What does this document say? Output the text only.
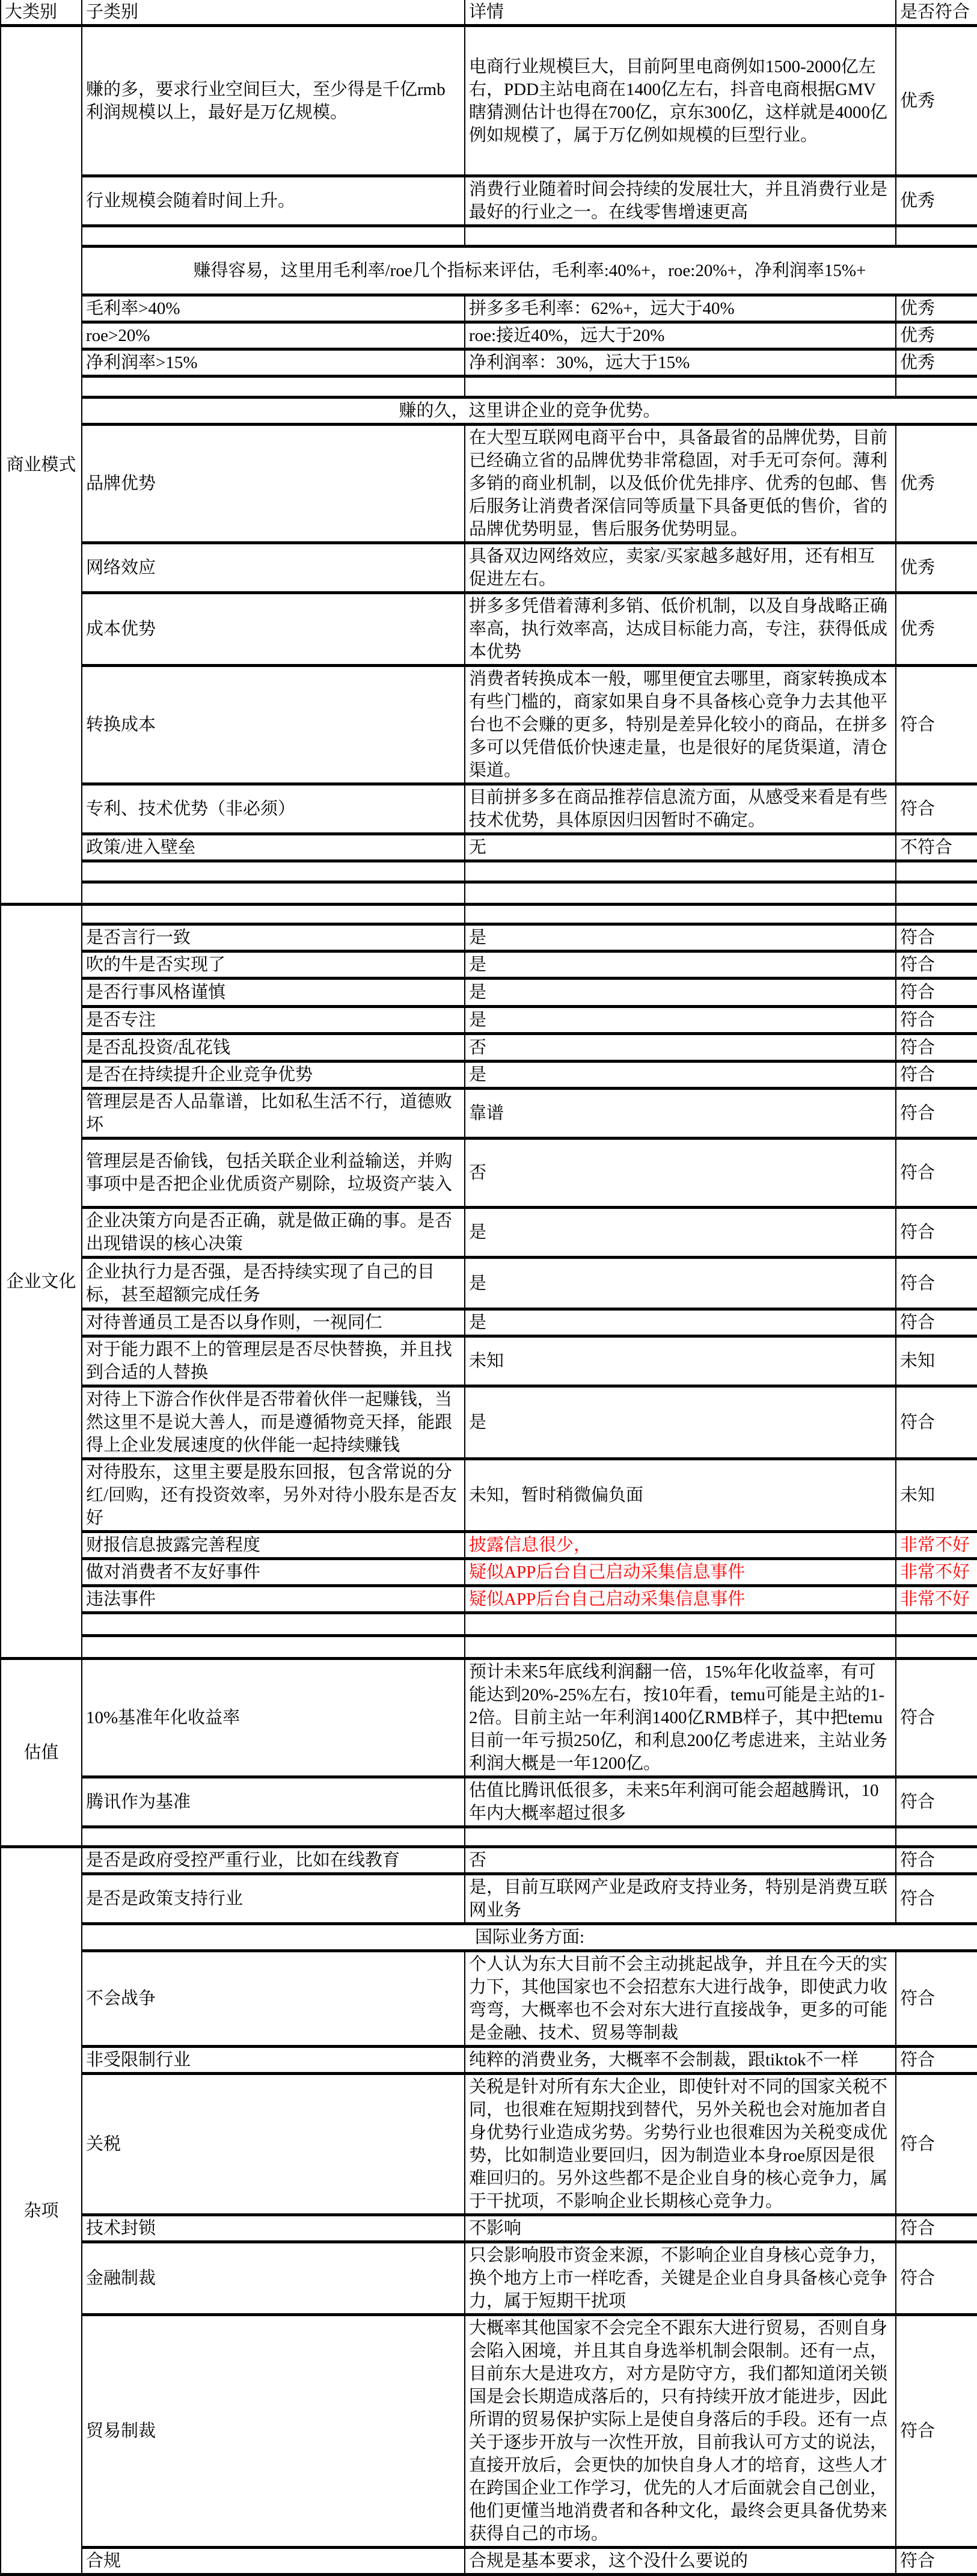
大类别	子类别	详情	是否符合
商业模式	赚的多，要求行业空间巨大，至少得是千亿rmb利润规模以上，最好是万亿规模。	电商行业规模巨大，目前阿里电商例如1500-2000亿左右，PDD主站电商在1400亿左右，抖音电商根据GMV瞎猜测估计也得在700亿，京东300亿，这样就是4000亿例如规模了，属于万亿例如规模的巨型行业。	优秀
	行业规模会随着时间上升。	消费行业随着时间会持续的发展壮大，并且消费行业是最好的行业之一。在线零售增速更高	优秀

	赚得容易，这里用毛利率/roe几个指标来评估，毛利率:40%+，roe:20%+，净利润率15%+		
	毛利率>40%	拼多多毛利率：62%+，远大于40%	优秀
	roe>20%	roe:接近40%，远大于20%	优秀
	净利润率>15%	净利润率：30%，远大于15%	优秀

	赚的久，这里讲企业的竞争优势。		
	品牌优势	在大型互联网电商平台中，具备最省的品牌优势，目前已经确立省的品牌优势非常稳固，对手无可奈何。薄利多销的商业机制，以及低价优先排序、优秀的包邮、售后服务让消费者深信同等质量下具备更低的售价，省的品牌优势明显，售后服务优势明显。	优秀
	网络效应	具备双边网络效应，卖家/买家越多越好用，还有相互促进左右。	优秀
	成本优势	拼多多凭借着薄利多销、低价机制，以及自身战略正确率高，执行效率高，达成目标能力高，专注，获得低成本优势	优秀
	转换成本	消费者转换成本一般，哪里便宜去哪里，商家转换成本有些门槛的，商家如果自身不具备核心竞争力去其他平台也不会赚的更多，特别是差异化较小的商品，在拼多多可以凭借低价快速走量，也是很好的尾货渠道，清仓渠道。	符合
	专利、技术优势（非必须）	目前拼多多在商品推荐信息流方面，从感受来看是有些技术优势，具体原因归因暂时不确定。	符合
	政策/进入壁垒	无	不符合

企业文化			
	是否言行一致	是	符合
	吹的牛是否实现了	是	符合
	是否行事风格谨慎	是	符合
	是否专注	是	符合
	是否乱投资/乱花钱	否	符合
	是否在持续提升企业竞争优势	是	符合
	管理层是否人品靠谱，比如私生活不行，道德败坏	靠谱	符合
	管理层是否偷钱，包括关联企业利益输送，并购事项中是否把企业优质资产剔除，垃圾资产装入	否	符合
	企业决策方向是否正确，就是做正确的事。是否出现错误的核心决策	是	符合
	企业执行力是否强，是否持续实现了自己的目标，甚至超额完成任务	是	符合
	对待普通员工是否以身作则，一视同仁	是	符合
	对于能力跟不上的管理层是否尽快替换，并且找到合适的人替换	未知	未知
	对待上下游合作伙伴是否带着伙伴一起赚钱，当然这里不是说大善人，而是遵循物竞天择，能跟得上企业发展速度的伙伴能一起持续赚钱	是	符合
	对待股东，这里主要是股东回报，包含常说的分红/回购，还有投资效率，另外对待小股东是否友好	未知，暂时稍微偏负面	未知
	财报信息披露完善程度	披露信息很少，	非常不好
	做对消费者不友好事件	疑似APP后台自己启动采集信息事件	非常不好
	违法事件	疑似APP后台自己启动采集信息事件	非常不好

估值	10%基准年化收益率	预计未来5年底线利润翻一倍，15%年化收益率，有可能达到20%-25%左右，按10年看，temu可能是主站的1-2倍。目前主站一年利润1400亿RMB样子，其中把temu目前一年亏损250亿，和利息200亿考虑进来，主站业务利润大概是一年1200亿。	符合
	腾讯作为基准	估值比腾讯低很多，未来5年利润可能会超越腾讯，10年内大概率超过很多	符合

杂项	是否是政府受控严重行业，比如在线教育	否	符合
	是否是政策支持行业	是，目前互联网产业是政府支持业务，特别是消费互联网业务	符合
	国际业务方面:		
	不会战争	个人认为东大目前不会主动挑起战争，并且在今天的实力下，其他国家也不会招惹东大进行战争，即使武力收弯弯，大概率也不会对东大进行直接战争，更多的可能是金融、技术、贸易等制裁	符合
	非受限制行业	纯粹的消费业务，大概率不会制裁，跟tiktok不一样	符合
	关税	关税是针对所有东大企业，即使针对不同的国家关税不同，也很难在短期找到替代，另外关税也会对施加者自身优势行业造成劣势。劣势行业也很难因为关税变成优势，比如制造业要回归，因为制造业本身roe原因是很难回归的。另外这些都不是企业自身的核心竞争力，属于干扰项，不影响企业长期核心竞争力。	符合
	技术封锁	不影响	符合
	金融制裁	只会影响股市资金来源，不影响企业自身核心竞争力，换个地方上市一样吃香，关键是企业自身具备核心竞争力，属于短期干扰项	符合
	贸易制裁	大概率其他国家不会完全不跟东大进行贸易，否则自身会陷入困境，并且其自身选举机制会限制。还有一点，目前东大是进攻方，对方是防守方，我们都知道闭关锁国是会长期造成落后的，只有持续开放才能进步，因此所谓的贸易保护实际上是使自身落后的手段。还有一点关于逐步开放与一次性开放，目前我认可方丈的说法，直接开放后，会更快的加快自身人才的培育，这些人才在跨国企业工作学习，优先的人才后面就会自己创业，他们更懂当地消费者和各种文化，最终会更具备优势来获得自己的市场。	符合
	合规	合规是基本要求，这个没什么要说的	符合
